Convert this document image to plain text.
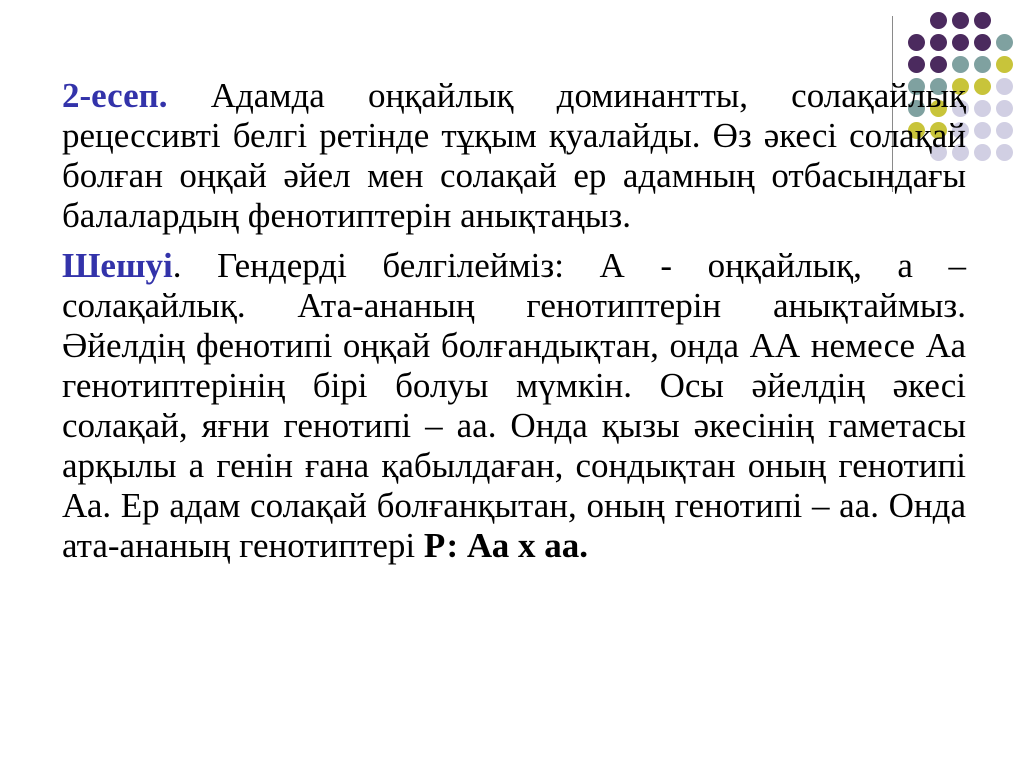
2-есеп. Адамда оңқайлық доминантты, солақайлық рецессивті белгі ретінде тұқым қуалайды. Өз әкесі солақай болған оңқай әйел мен солақай ер адамның отбасындағы балалардың фенотиптерін анықтаңыз.

Шешуі. Гендерді белгілейміз: А - оңқайлық, а – солақайлық. Ата-ананың генотиптерін анықтаймыз. Әйелдің фенотипі оңқай болғандықтан, онда АА немесе Аа генотиптерінің бірі болуы мүмкін. Осы әйелдің әкесі солақай, яғни генотипі – аа. Онда қызы әкесінің гаметасы арқылы а генін ғана қабылдаған, сондықтан оның генотипі Аа. Ер адам солақай болғанқытан, оның генотипі – аа. Онда ата-ананың генотиптері Р: Аа х аа.
